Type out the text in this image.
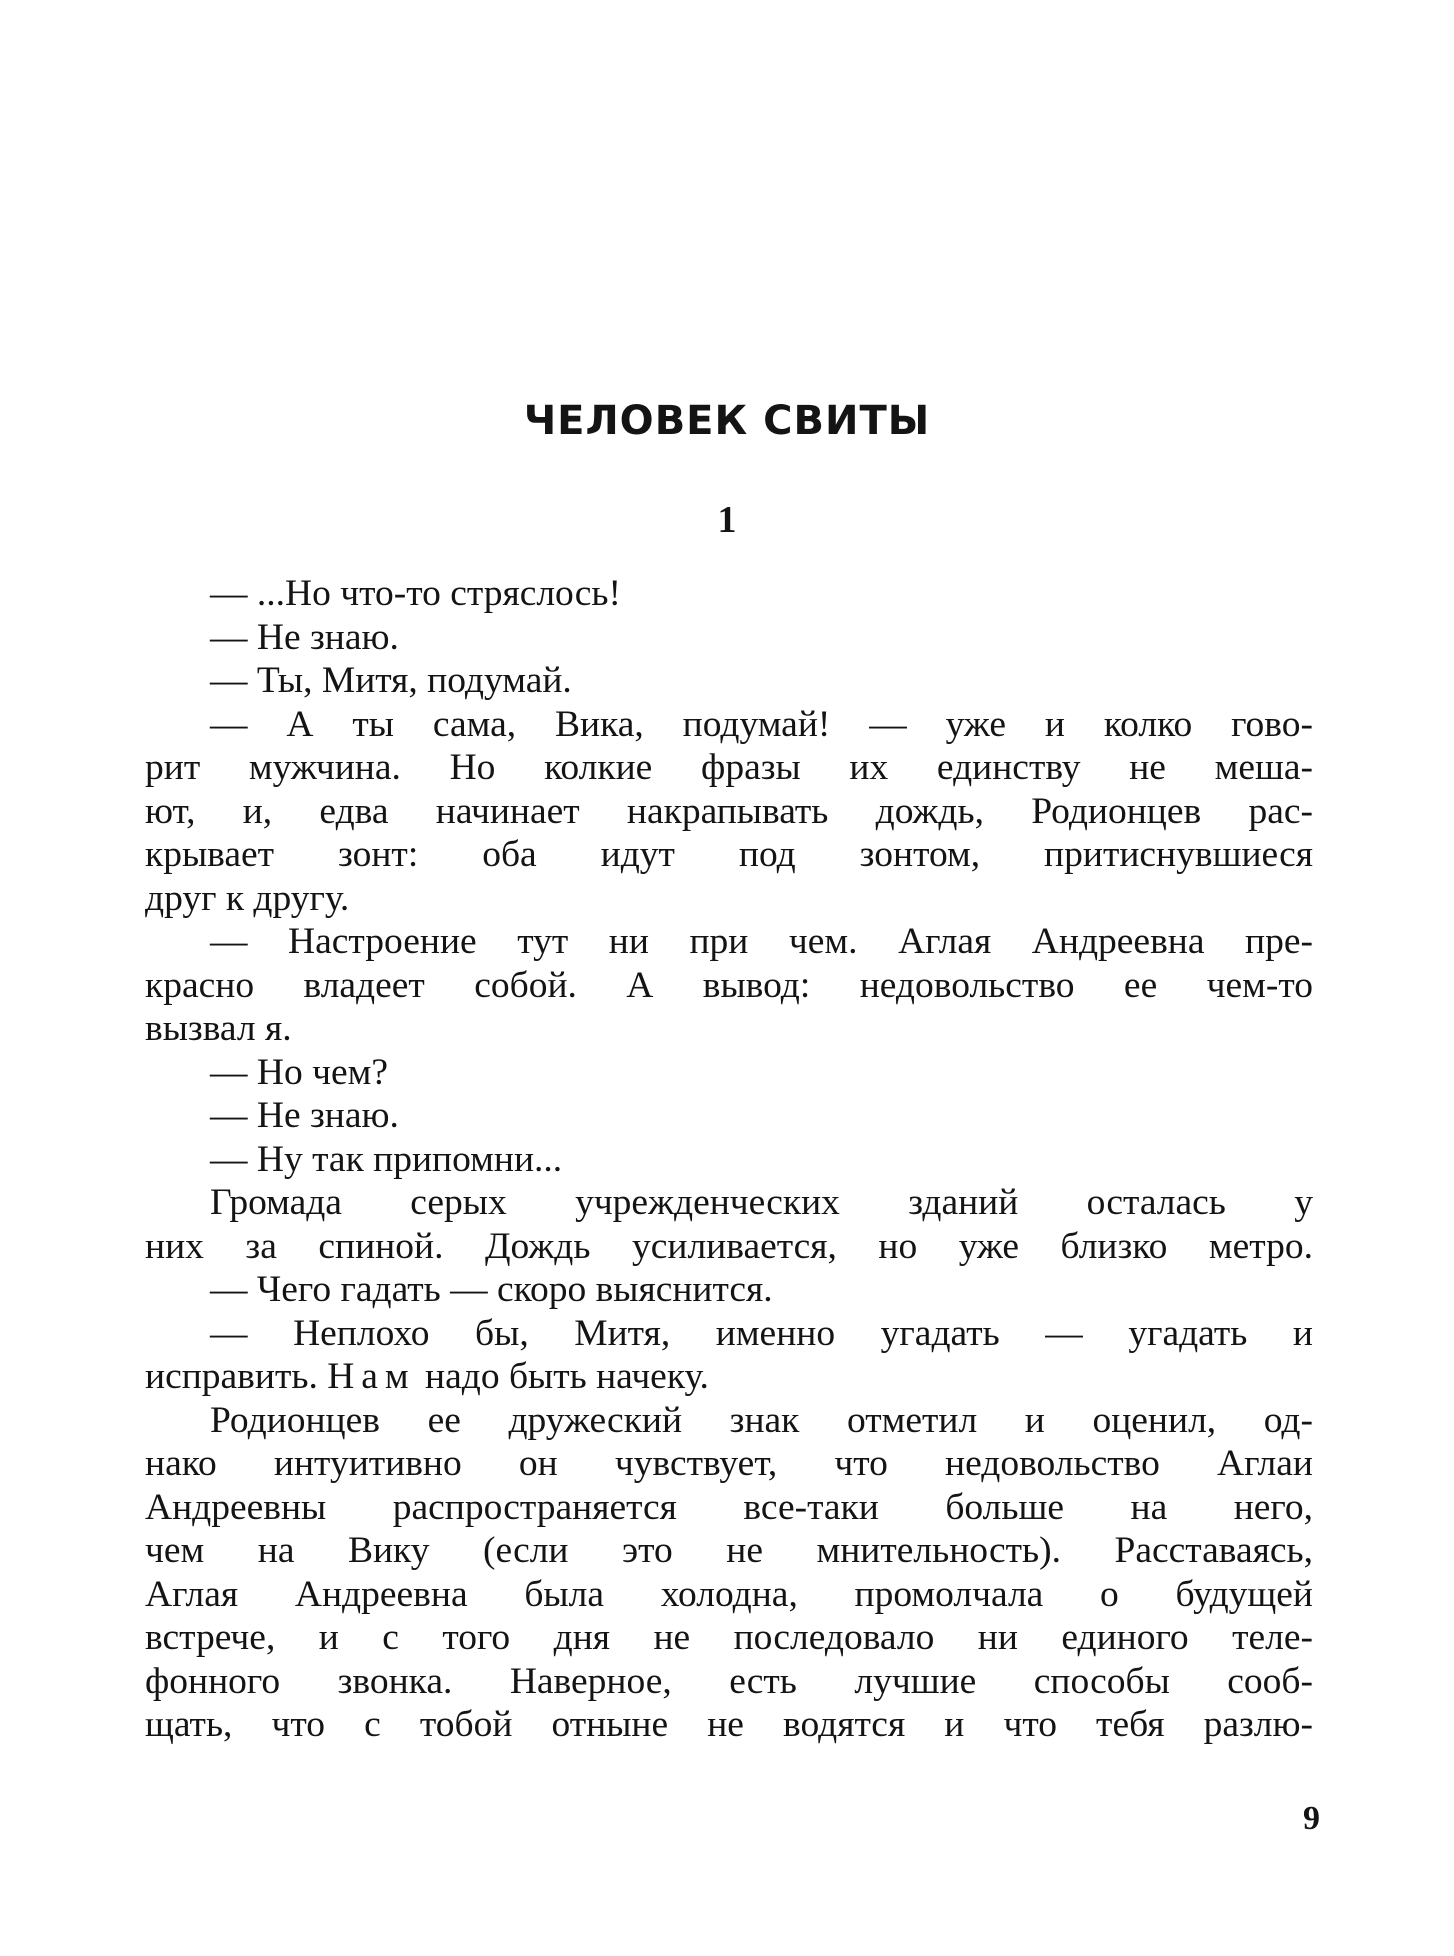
ЧЕЛОВЕК СВИТЫ
1
— ...Но что-то стряслось!
— Не знаю.
— Ты, Митя, подумай.
— А ты сама, Вика, подумай! — уже и колко гово-
рит мужчина. Но колкие фразы их единству не меша-
ют, и, едва начинает накрапывать дождь, Родионцев рас-
крывает зонт: оба идут под зонтом, притиснувшиеся
друг к другу.
— Настроение тут ни при чем. Аглая Андреевна пре-
красно владеет собой. А вывод: недовольство ее чем-то
вызвал я.
— Но чем?
— Не знаю.
— Ну так припомни...
Громада серых учрежденческих зданий осталась у
них за спиной. Дождь усиливается, но уже близко метро.
— Чего гадать — скоро выяснится.
— Неплохо бы, Митя, именно угадать — угадать и
исправить. Нам надо быть начеку.
Родионцев ее дружеский знак отметил и оценил, од-
нако интуитивно он чувствует, что недовольство Аглаи
Андреевны распространяется все-таки больше на него,
чем на Вику (если это не мнительность). Расставаясь,
Аглая Андреевна была холодна, промолчала о будущей
встрече, и с того дня не последовало ни единого теле-
фонного звонка. Наверное, есть лучшие способы сооб-
щать, что с тобой отныне не водятся и что тебя разлю-
9
